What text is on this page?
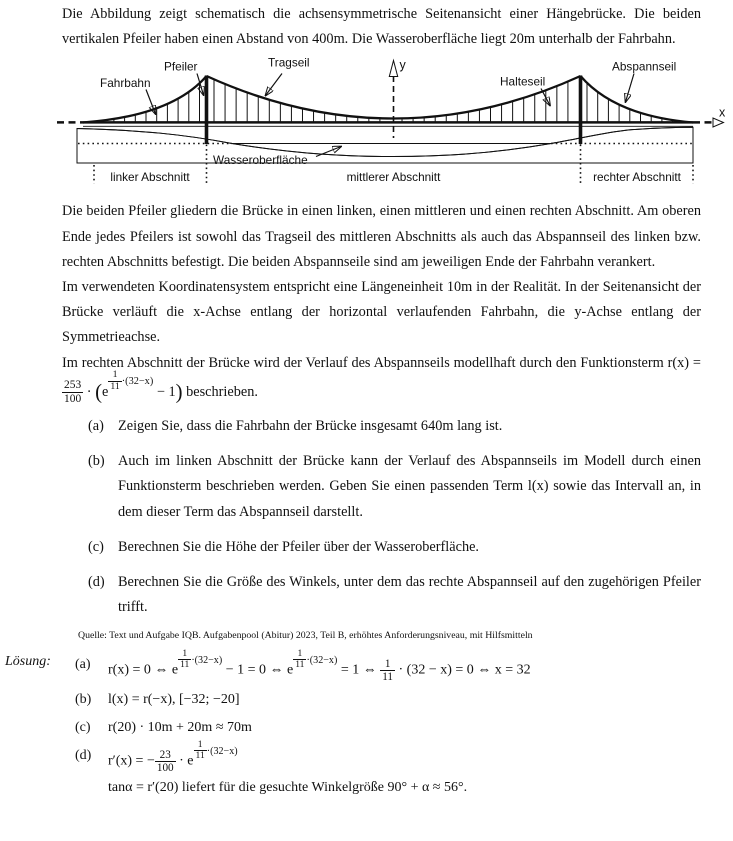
Die Abbildung zeigt schematisch die achsensymmetrische Seitenansicht einer Hängebrücke. Die beiden vertikalen Pfeiler haben einen Abstand von 400m. Die Wasseroberfläche liegt 20m unterhalb der Fahrbahn.

x
y
Fahrbahn
Pfeiler	Tragseil
Halteseil
Abspannseil
Wasseroberfläche
linker Abschnitt	mittlerer Abschnitt	rechter Abschnitt

Die beiden Pfeiler gliedern die Brücke in einen linken, einen mittleren und einen rechten Abschnitt. Am oberen Ende jedes Pfeilers ist sowohl das Tragseil des mittleren Abschnitts als auch das Abspannseil des linken bzw. rechten Abschnitts befestigt. Die beiden Abspannseile sind am jeweiligen Ende der Fahrbahn verankert.

Im verwendeten Koordinatensystem entspricht eine Längeneinheit 10m in der Realität. In der Seitenansicht der Brücke verläuft die x-Achse entlang der horizontal verlaufenden Fahrbahn, die y-Achse entlang der Symmetrieachse.

Im rechten Abschnitt der Brücke wird der Verlauf des Abspannseils modellhaft durch den Funktionsterm r(x) =
$\frac{253}{100} \cdot (e$ $^{\frac{1}{11} \cdot(32-x)}$ − 1) beschrieben.

(a) Zeigen Sie, dass die Fahrbahn der Brücke insgesamt 640m lang ist.
(b) Auch im linken Abschnitt der Brücke kann der Verlauf des Abspannseils im Modell durch einen Funktionsterm beschrieben werden. Geben Sie einen passenden Term l(x) sowie das Intervall an, in dem dieser Term das Abspannseil darstellt.
(c) Berechnen Sie die Höhe der Pfeiler über der Wasseroberfläche.
(d) Berechnen Sie die Größe des Winkels, unter dem das rechte Abspannseil auf den zugehörigen Pfeiler trifft.

Quelle: Text und Aufgabe IQB. Aufgabenpool (Abitur) 2023, Teil B, erhöhtes Anforderungsniveau, mit Hilfsmitteln

Lösung:	(a)	r(x) = 0 ⇔ e
$^{\frac{1}{11} \cdot(32-x)}$ − 1 = 0 ⇔ e
$^{\frac{1}{11} \cdot(32-x)}$ = 1 ⇔ $\frac{1}{11} \cdot (32 - x) = 0$ ⇔ x = 32
(b)	l(x) = r(−x), [−32; −20]
(c)	r(20) · 10m + 20m ≈ 70m
(d)	r′(x) = − $\frac{23}{100} \cdot e$
$^{\frac{1}{11} \cdot(32-x)}$
tanα = r′(20) liefert für die gesuchte Winkelgröße 90° + α ≈ 56°.
